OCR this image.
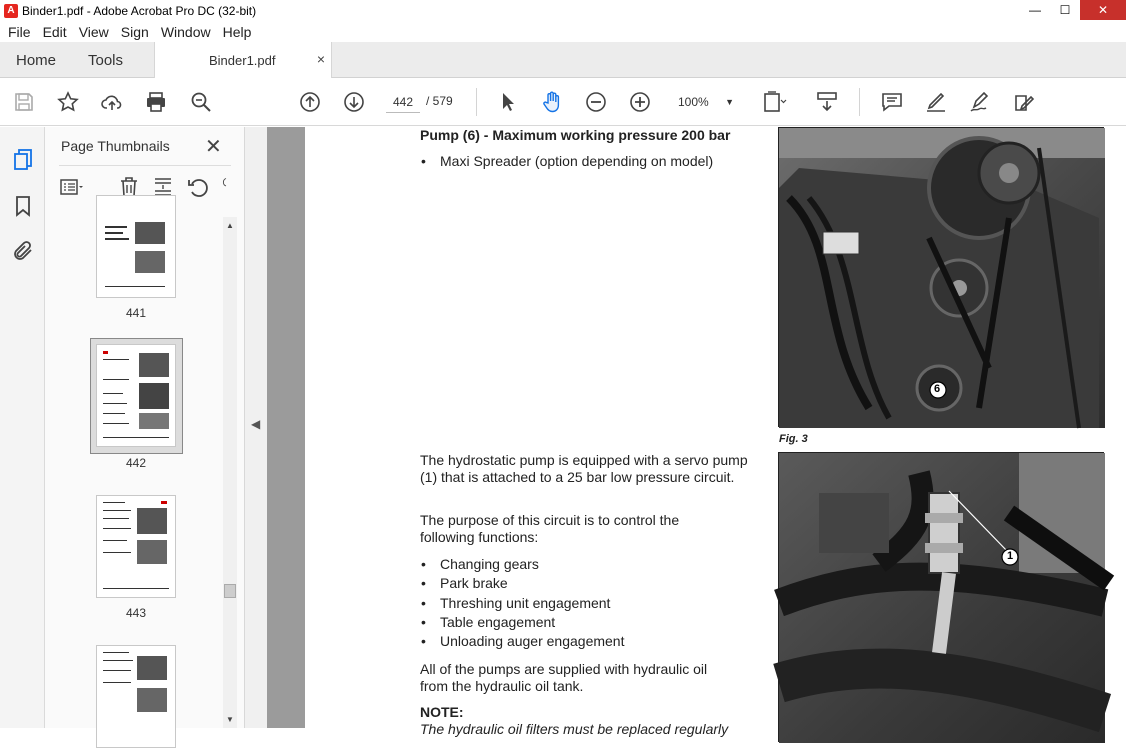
A Binder1.pdf - Adobe Acrobat Pro DC (32-bit)	—	☐	✕
File Edit View Sign Window Help
Home Tools	Binder1.pdf	×
442	/ 579	100% ▼
Page Thumbnails ✕
441
442
443
▲
▼
◀
Pump (6) - Maximum working pressure 200 bar
• Maxi Spreader (option depending on model)
6
Fig. 3
The hydrostatic pump is equipped with a servo pump (1) that is attached to a 25 bar low pressure circuit.
The purpose of this circuit is to control the following functions:
• Changing gears
• Park brake
• Threshing unit engagement
• Table engagement
• Unloading auger engagement
All of the pumps are supplied with hydraulic oil from the hydraulic oil tank.
NOTE:
The hydraulic oil filters must be replaced regularly
1
